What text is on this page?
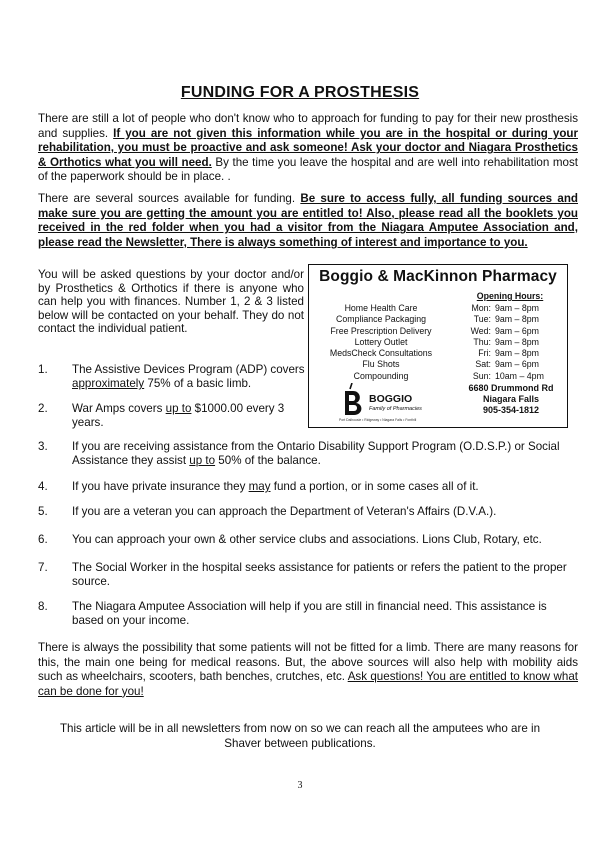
FUNDING FOR A PROSTHESIS
There are still a lot of people who don't know who to approach for funding to pay for their new prosthesis and supplies. If you are not given this information while you are in the hospital or during your rehabilitation, you must be proactive and ask someone! Ask your doctor and Niagara Prosthetics & Orthotics what you will need. By the time you leave the hospital and are well into rehabilitation most of the paperwork should be in place. .
There are several sources available for funding. Be sure to access fully, all funding sources and make sure you are getting the amount you are entitled to! Also, please read all the booklets you received in the red folder when you had a visitor from the Niagara Amputee Association and, please read the Newsletter, There is always something of interest and importance to you.
You will be asked questions by your doctor and/or by Prosthetics & Orthotics if there is anyone who can help you with finances. Number 1, 2 & 3 listed below will be contacted on your behalf. They do not contact the individual patient.
Boggio & MacKinnon Pharmacy
Home Health Care
Compliance Packaging
Free Prescription Delivery
Lottery Outlet
MedsCheck Consultations
Flu Shots
Compounding
Opening Hours:
Mon: 9am – 8pm
Tue: 9am – 8pm
Wed: 9am – 6pm
Thu: 9am – 8pm
Fri: 9am – 8pm
Sat: 9am – 6pm
Sun: 10am – 4pm
BOGGIO
Family of Pharmacies
Port Dalhousie • Ridgeway • Niagara Falls • Fonthill
6680 Drummond Rd
Niagara Falls
905-354-1812
1.	The Assistive Devices Program (ADP) covers approximately 75% of a basic limb.
2.	War Amps covers up to $1000.00 every 3 years.
3.	If you are receiving assistance from the Ontario Disability Support Program (O.D.S.P.) or Social Assistance they assist up to 50% of the balance.
4.	If you have private insurance they may fund a portion, or in some cases all of it.
5.	If you are a veteran you can approach the Department of Veteran's Affairs (D.V.A.).
6.	You can approach your own & other service clubs and associations. Lions Club, Rotary, etc.
7.	The Social Worker in the hospital seeks assistance for patients or refers the patient to the proper source.
8.	The Niagara Amputee Association will help if you are still in financial need. This assistance is based on your income.
There is always the possibility that some patients will not be fitted for a limb. There are many reasons for this, the main one being for medical reasons. But, the above sources will also help with mobility aids such as wheelchairs, scooters, bath benches, crutches, etc. Ask questions! You are entitled to know what can be done for you!
This article will be in all newsletters from now on so we can reach all the amputees who are in Shaver between publications.
3
